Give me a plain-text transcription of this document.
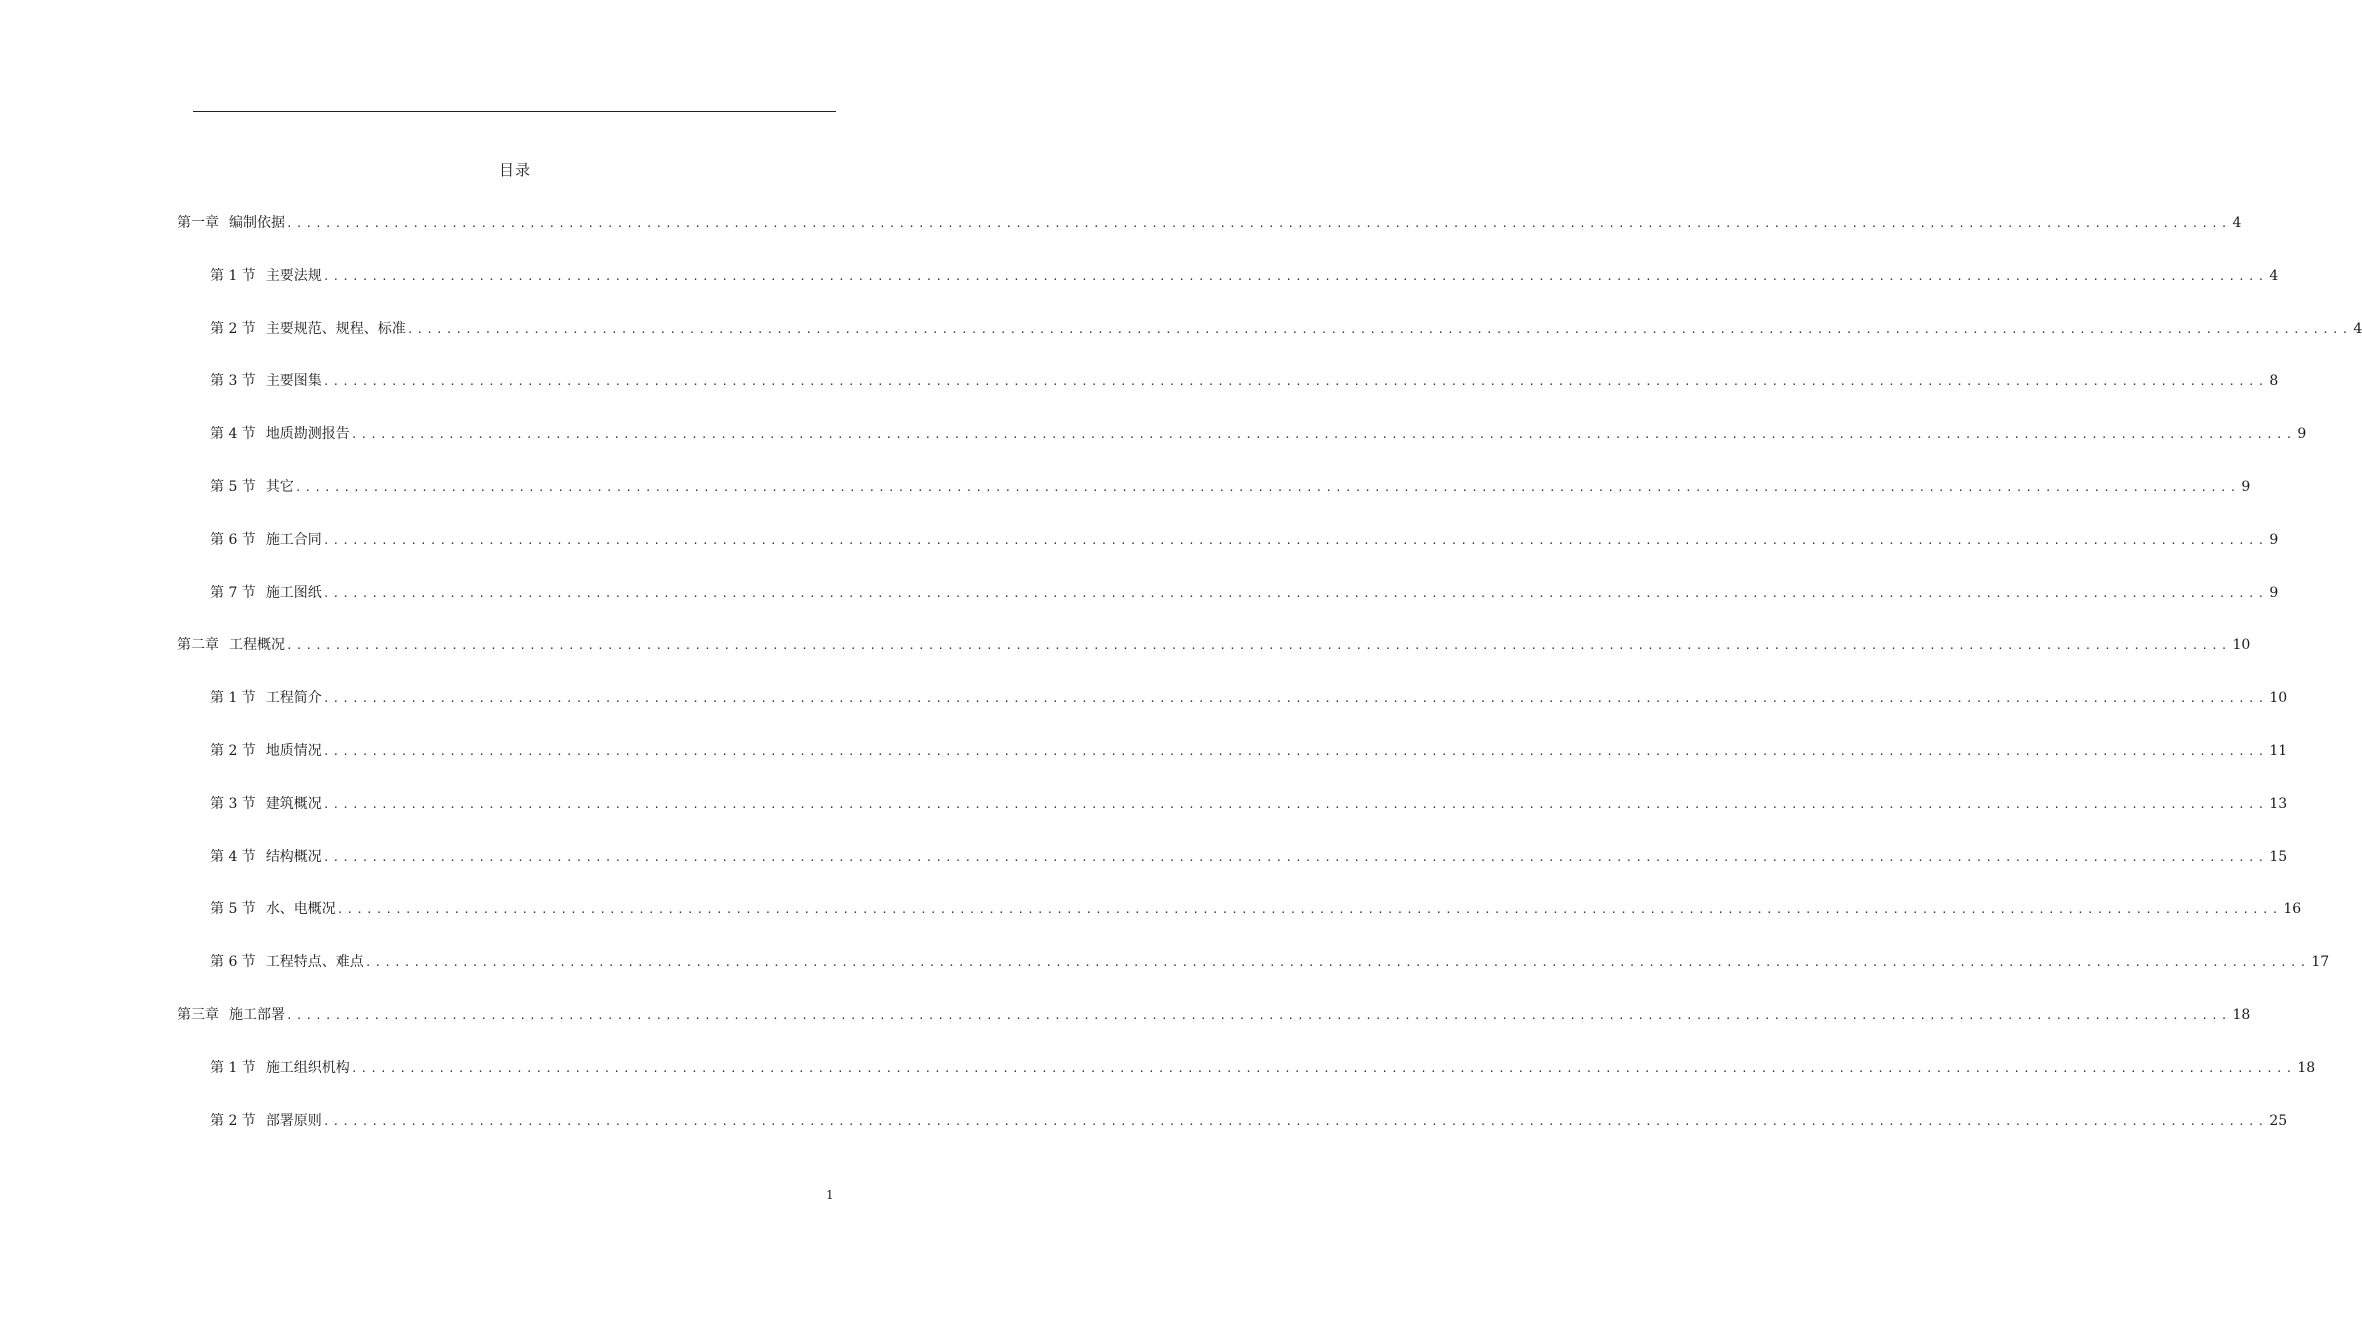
目录
第一章 编制依据 ........................................................................................................................................................................................................ 4
第 1 节 主要法规 ........................................................................................................................................................................................................ 4
第 2 节 主要规范、规程、标准 ........................................................................................................................................................................................................ 4
第 3 节 主要图集 ........................................................................................................................................................................................................ 8
第 4 节 地质勘测报告 ........................................................................................................................................................................................................ 9
第 5 节 其它 ........................................................................................................................................................................................................ 9
第 6 节 施工合同 ........................................................................................................................................................................................................ 9
第 7 节 施工图纸 ........................................................................................................................................................................................................ 9
第二章 工程概况 ........................................................................................................................................................................................................ 10
第 1 节 工程简介 ........................................................................................................................................................................................................ 10
第 2 节 地质情况 ........................................................................................................................................................................................................ 11
第 3 节 建筑概况 ........................................................................................................................................................................................................ 13
第 4 节 结构概况 ........................................................................................................................................................................................................ 15
第 5 节 水、电概况 ........................................................................................................................................................................................................ 16
第 6 节 工程特点、难点 ........................................................................................................................................................................................................ 17
第三章 施工部署 ........................................................................................................................................................................................................ 18
第 1 节 施工组织机构 ........................................................................................................................................................................................................ 18
第 2 节 部署原则 ........................................................................................................................................................................................................ 25
1
